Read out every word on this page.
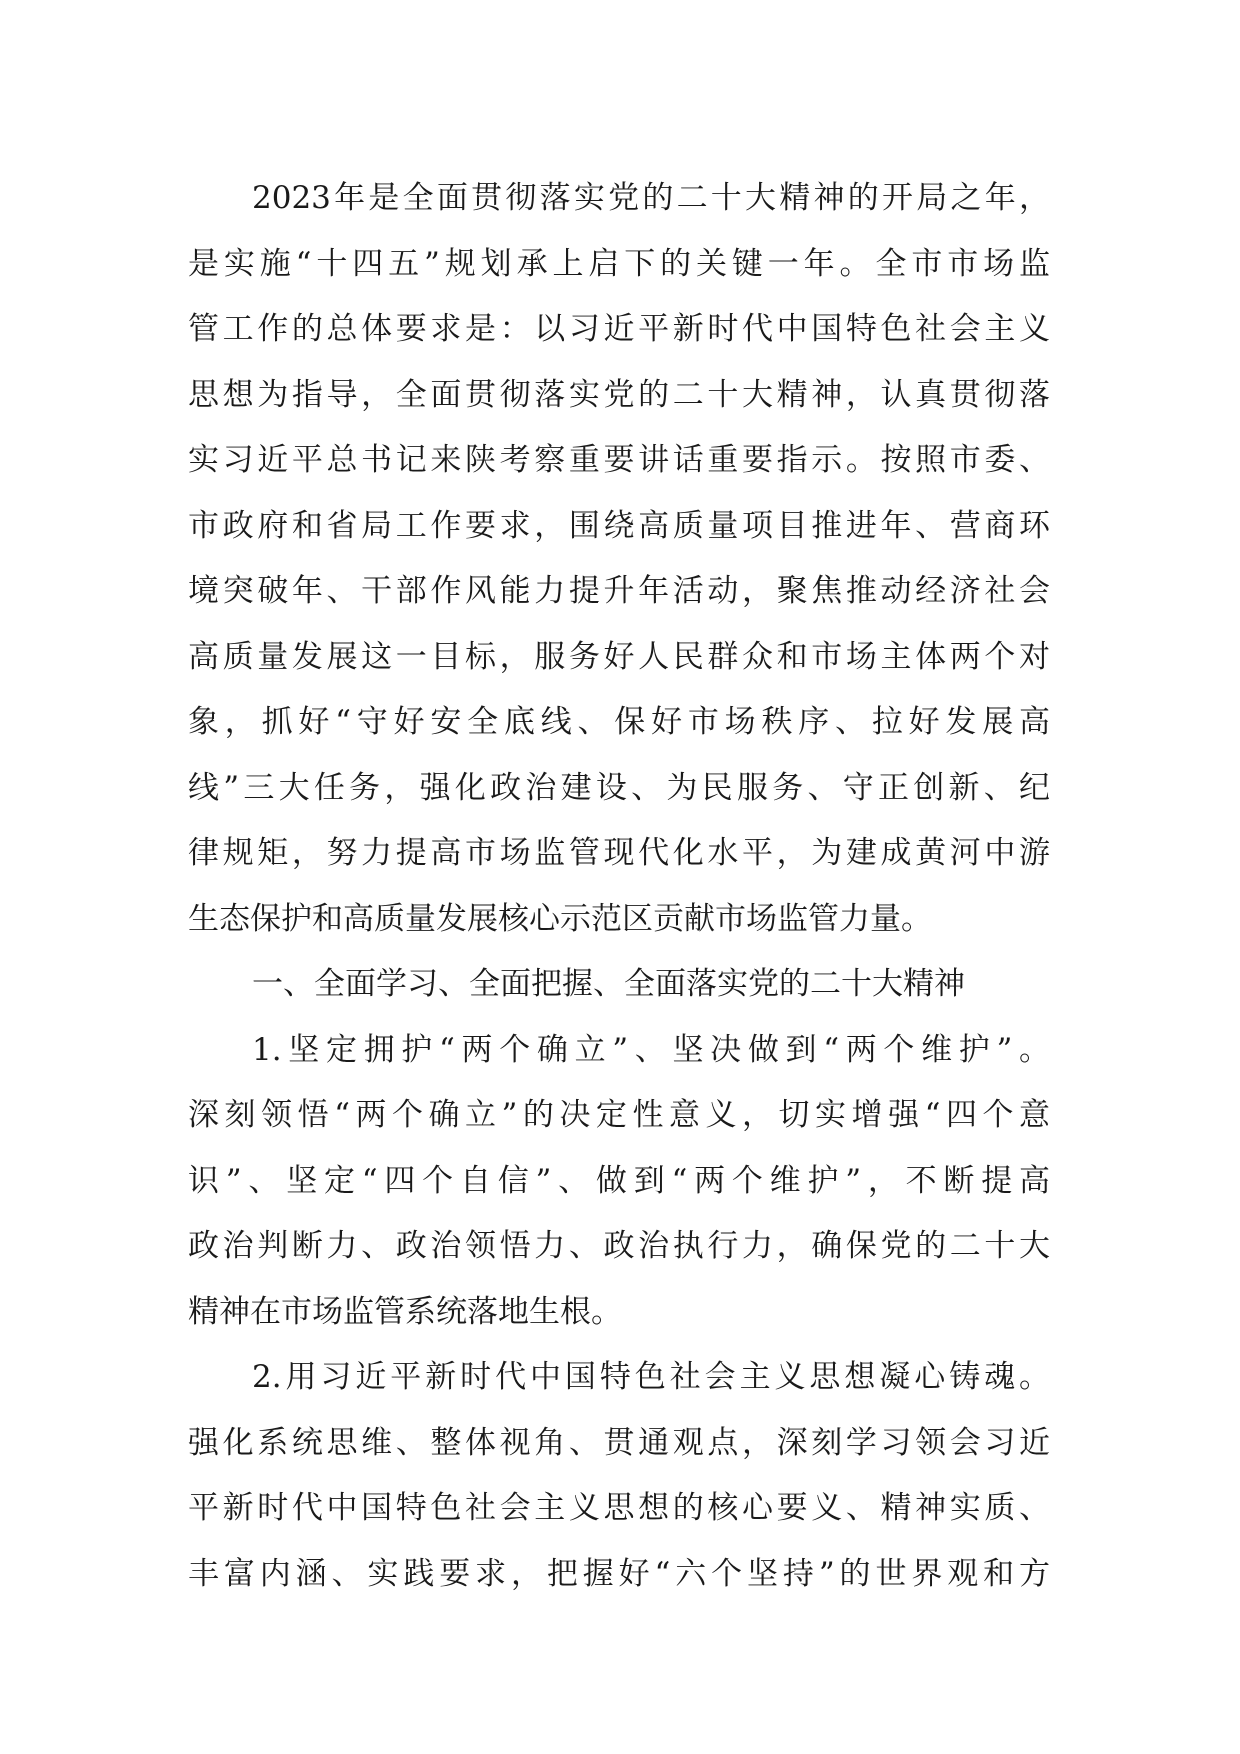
2023年是全面贯彻落实党的二十大精神的开局之年，
是实施“十四五”规划承上启下的关键一年。全市市场监
管工作的总体要求是：以习近平新时代中国特色社会主义
思想为指导，全面贯彻落实党的二十大精神，认真贯彻落
实习近平总书记来陕考察重要讲话重要指示。按照市委、
市政府和省局工作要求，围绕高质量项目推进年、营商环
境突破年、干部作风能力提升年活动，聚焦推动经济社会
高质量发展这一目标，服务好人民群众和市场主体两个对
象，抓好“守好安全底线、保好市场秩序、拉好发展高
线”三大任务，强化政治建设、为民服务、守正创新、纪
律规矩，努力提高市场监管现代化水平，为建成黄河中游
生态保护和高质量发展核心示范区贡献市场监管力量。
一、全面学习、全面把握、全面落实党的二十大精神
1.坚定拥护“两个确立”、坚决做到“两个维护”。
深刻领悟“两个确立”的决定性意义，切实增强“四个意
识”、坚定“四个自信”、做到“两个维护”，不断提高
政治判断力、政治领悟力、政治执行力，确保党的二十大
精神在市场监管系统落地生根。
2.用习近平新时代中国特色社会主义思想凝心铸魂。
强化系统思维、整体视角、贯通观点，深刻学习领会习近
平新时代中国特色社会主义思想的核心要义、精神实质、
丰富内涵、实践要求，把握好“六个坚持”的世界观和方
